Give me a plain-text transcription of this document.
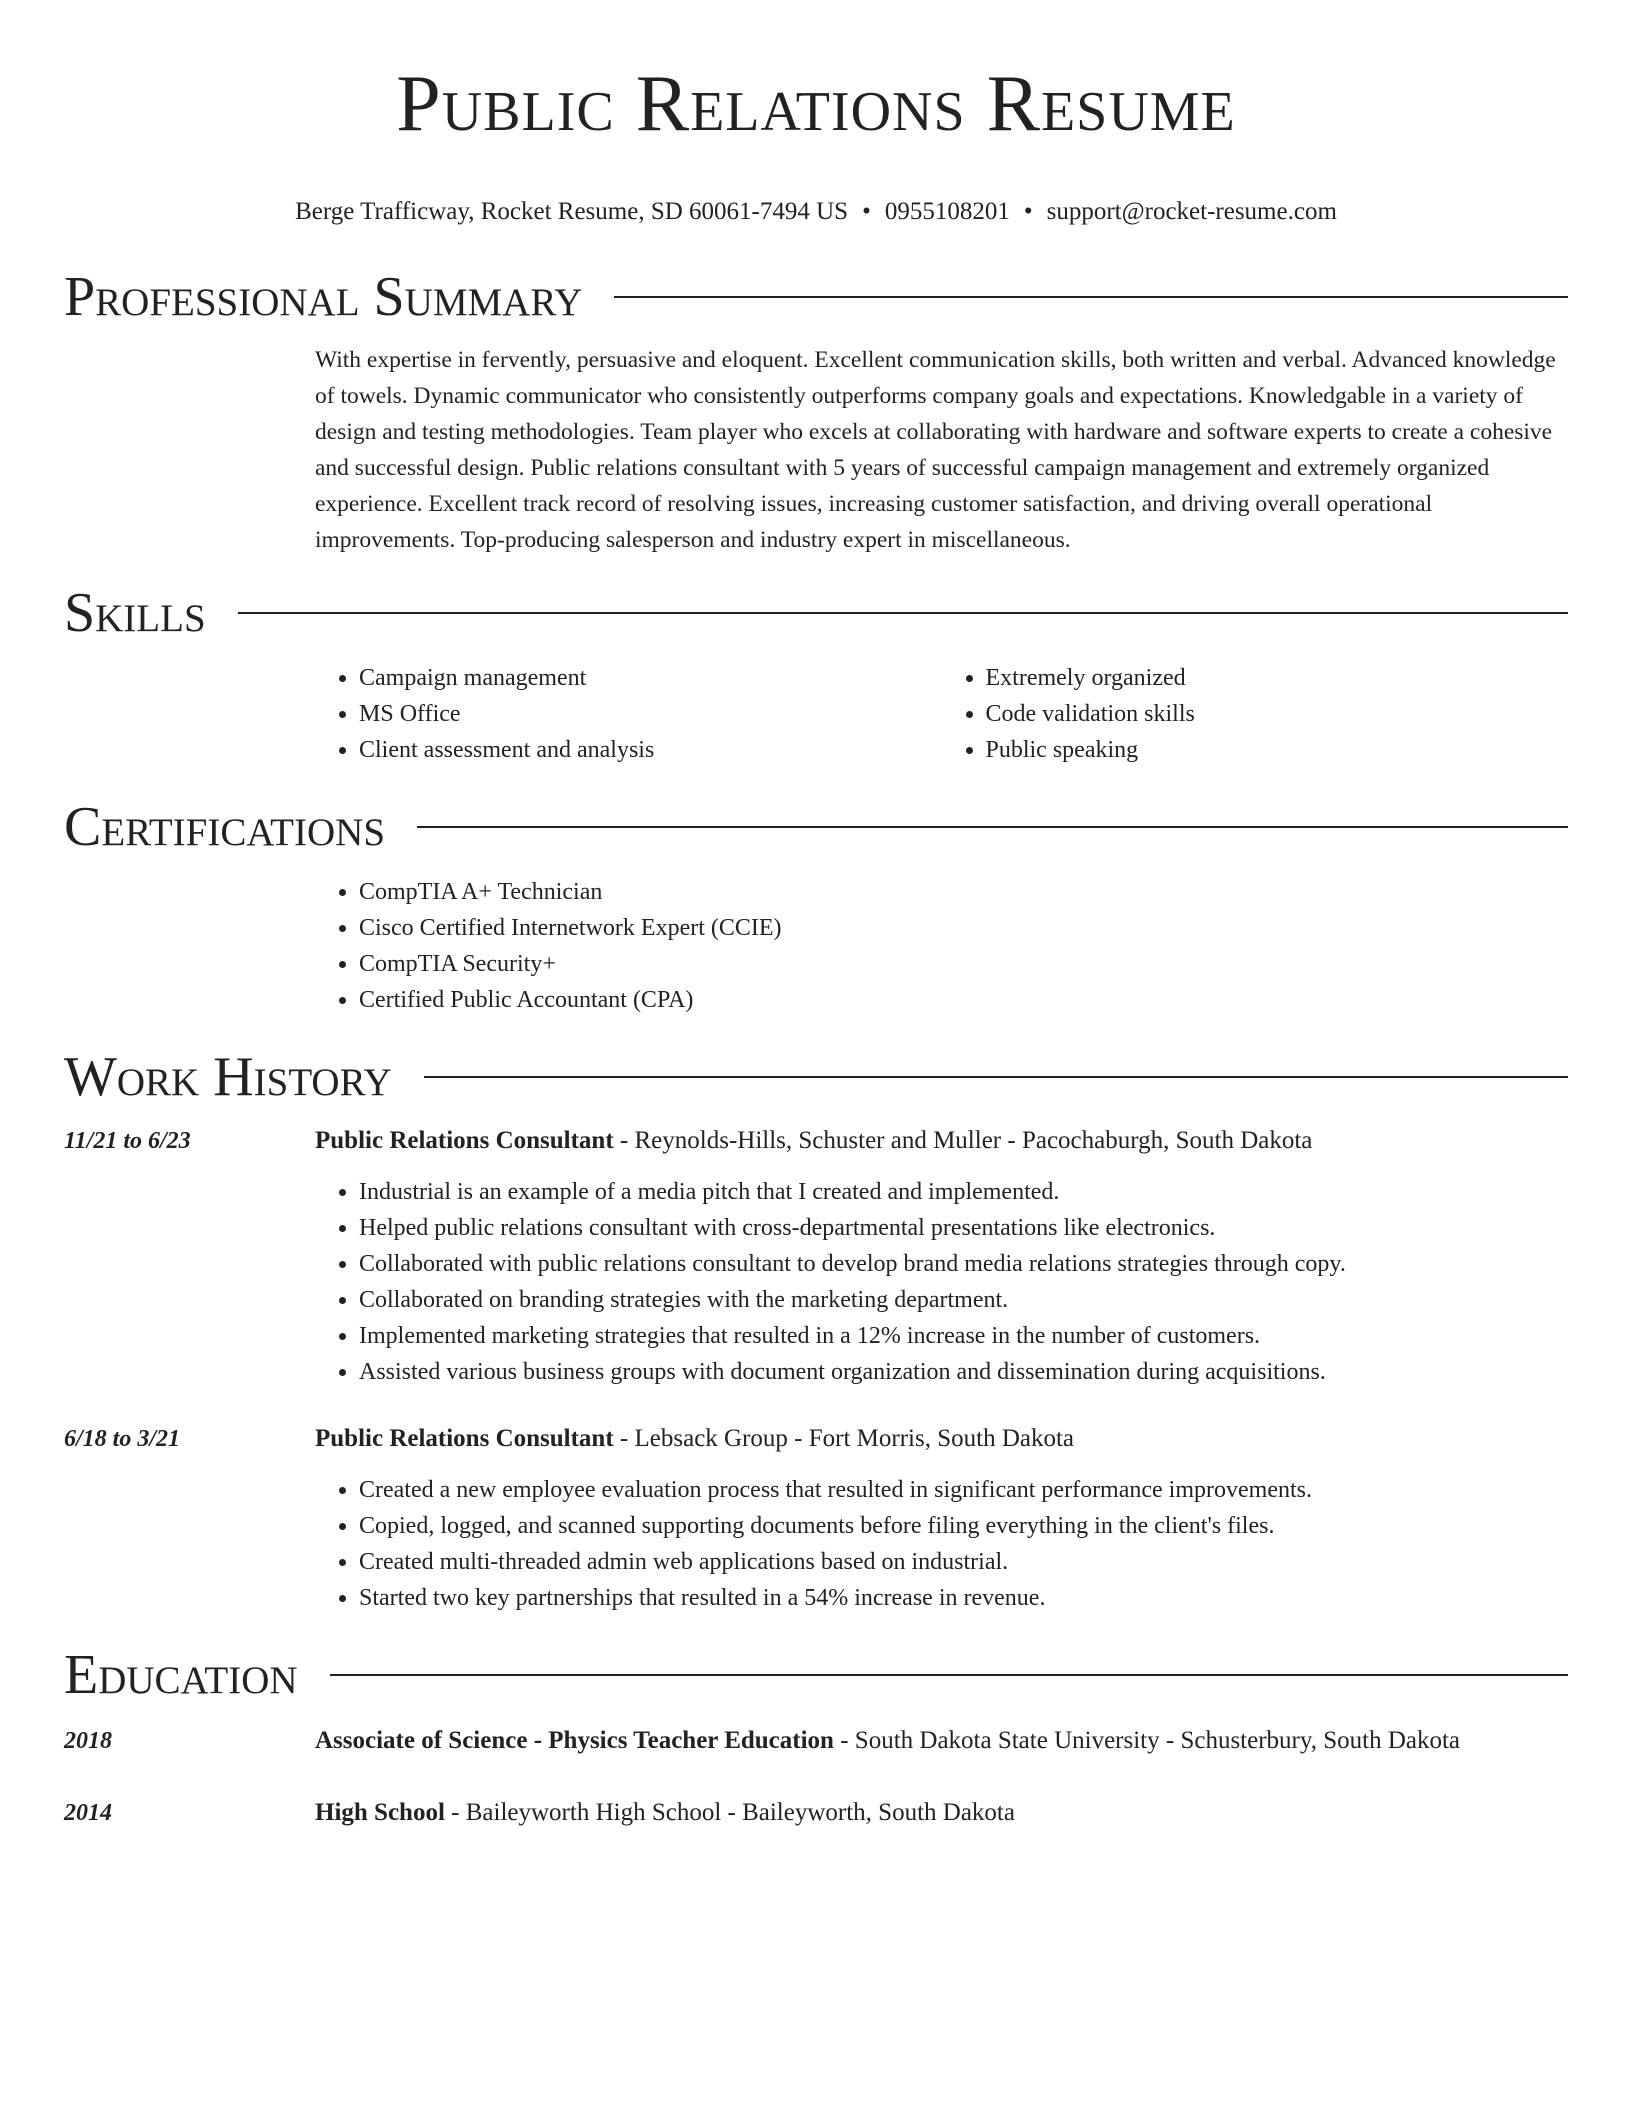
Public Relations Resume
Berge Trafficway, Rocket Resume, SD 60061-7494 US • 0955108201 • support@rocket-resume.com
Professional Summary

With expertise in fervently, persuasive and eloquent. Excellent communication skills, both written and verbal. Advanced knowledge of towels. Dynamic communicator who consistently outperforms company goals and expectations. Knowledgable in a variety of design and testing methodologies. Team player who excels at collaborating with hardware and software experts to create a cohesive and successful design. Public relations consultant with 5 years of successful campaign management and extremely organized experience. Excellent track record of resolving issues, increasing customer satisfaction, and driving overall operational improvements. Top-producing salesperson and industry expert in miscellaneous.

Skills
• Campaign management
• MS Office
• Client assessment and analysis
• Extremely organized
• Code validation skills
• Public speaking
Certifications
• CompTIA A+ Technician
• Cisco Certified Internetwork Expert (CCIE)
• CompTIA Security+
• Certified Public Accountant (CPA)
Work History
11/21 to 6/23	Public Relations Consultant - Reynolds-Hills, Schuster and Muller - Pacochaburgh, South Dakota
• Industrial is an example of a media pitch that I created and implemented.
• Helped public relations consultant with cross-departmental presentations like electronics.
• Collaborated with public relations consultant to develop brand media relations strategies through copy.
• Collaborated on branding strategies with the marketing department.
• Implemented marketing strategies that resulted in a 12% increase in the number of customers.
• Assisted various business groups with document organization and dissemination during acquisitions.
6/18 to 3/21	Public Relations Consultant - Lebsack Group - Fort Morris, South Dakota
• Created a new employee evaluation process that resulted in significant performance improvements.
• Copied, logged, and scanned supporting documents before filing everything in the client's files.
• Created multi-threaded admin web applications based on industrial.
• Started two key partnerships that resulted in a 54% increase in revenue.
Education
2018	Associate of Science - Physics Teacher Education - South Dakota State University - Schusterbury, South Dakota
2014	High School - Baileyworth High School - Baileyworth, South Dakota
